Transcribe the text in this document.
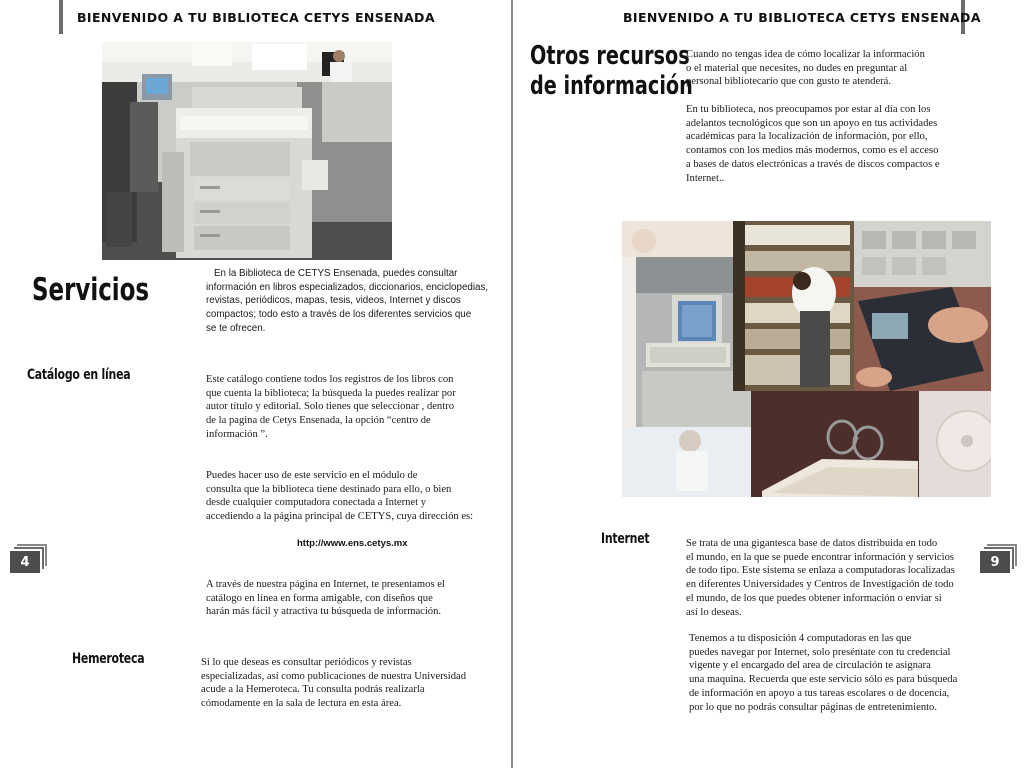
BIENVENIDO A TU BIBLIOTECA CETYS ENSENADA
Servicios	En la Biblioteca de CETYS Ensenada, puedes consultar
información en libros especializados, diccionarios, enciclopedias,
revistas, periódicos, mapas, tesis, videos, Internet y discos
compactos; todo esto a través de los diferentes servicios que
se te ofrecen.
Catálogo en línea	Este catálogo contiene todos los registros de los libros con
que cuenta la biblioteca; la búsqueda la puedes realizar por
autor título y editorial. Solo tienes que seleccionar , dentro
de la pagina de Cetys Ensenada, la opción “centro de
información ”.
Puedes hacer uso de este servicio en el módulo de
consulta que la biblioteca tiene destinado para ello, o bien
desde cualquier computadora conectada a Internet y
accediendo a la página principal de CETYS, cuya dirección es:
http://www.ens.cetys.mx
A través de nuestra página en Internet, te presentamos el
catálogo en línea en forma amigable, con diseños que
harán más fácil y atractiva tu búsqueda de información.
4
Hemeroteca	Si lo que deseas es consultar periódicos y revistas
especializadas, así como publicaciones de nuestra Universidad
acude a la Hemeroteca. Tu consulta podrás realizarla
cómodamente en la sala de lectura en esta área.
BIENVENIDO A TU BIBLIOTECA CETYS ENSENADA
Otros recursos
de información
Cuando no tengas idea de cómo localizar la información
o el material que necesites, no dudes en preguntar al
personal bibliotecario que con gusto te atenderá.
En tu biblioteca, nos preocupamos por estar al día con los
adelantos tecnológicos que son un apoyo en tus actividades
académicas para la localización de información, por ello,
contamos con los medios más modernos, como es el acceso
a bases de datos electrónicas a través de discos compactos e
Internet..
Internet	Se trata de una gigantesca base de datos distribuida en todo
el mundo, en la que se puede encontrar información y servicios
de todo tipo. Este sistema se enlaza a computadoras localizadas
en diferentes Universidades y Centros de Investigación de todo
el mundo, de los que puedes obtener información o enviar si
así lo deseas.
Tenemos a tu disposición 4 computadoras en las que
puedes navegar por Internet, solo preséntate con tu credencial
vigente y el encargado del area de circulación te asignara
una maquina. Recuerda que este servicio sólo es para búsqueda
de información en apoyo a tus tareas escolares o de docencia,
por lo que no podrás consultar páginas de entretenimiento.
9
